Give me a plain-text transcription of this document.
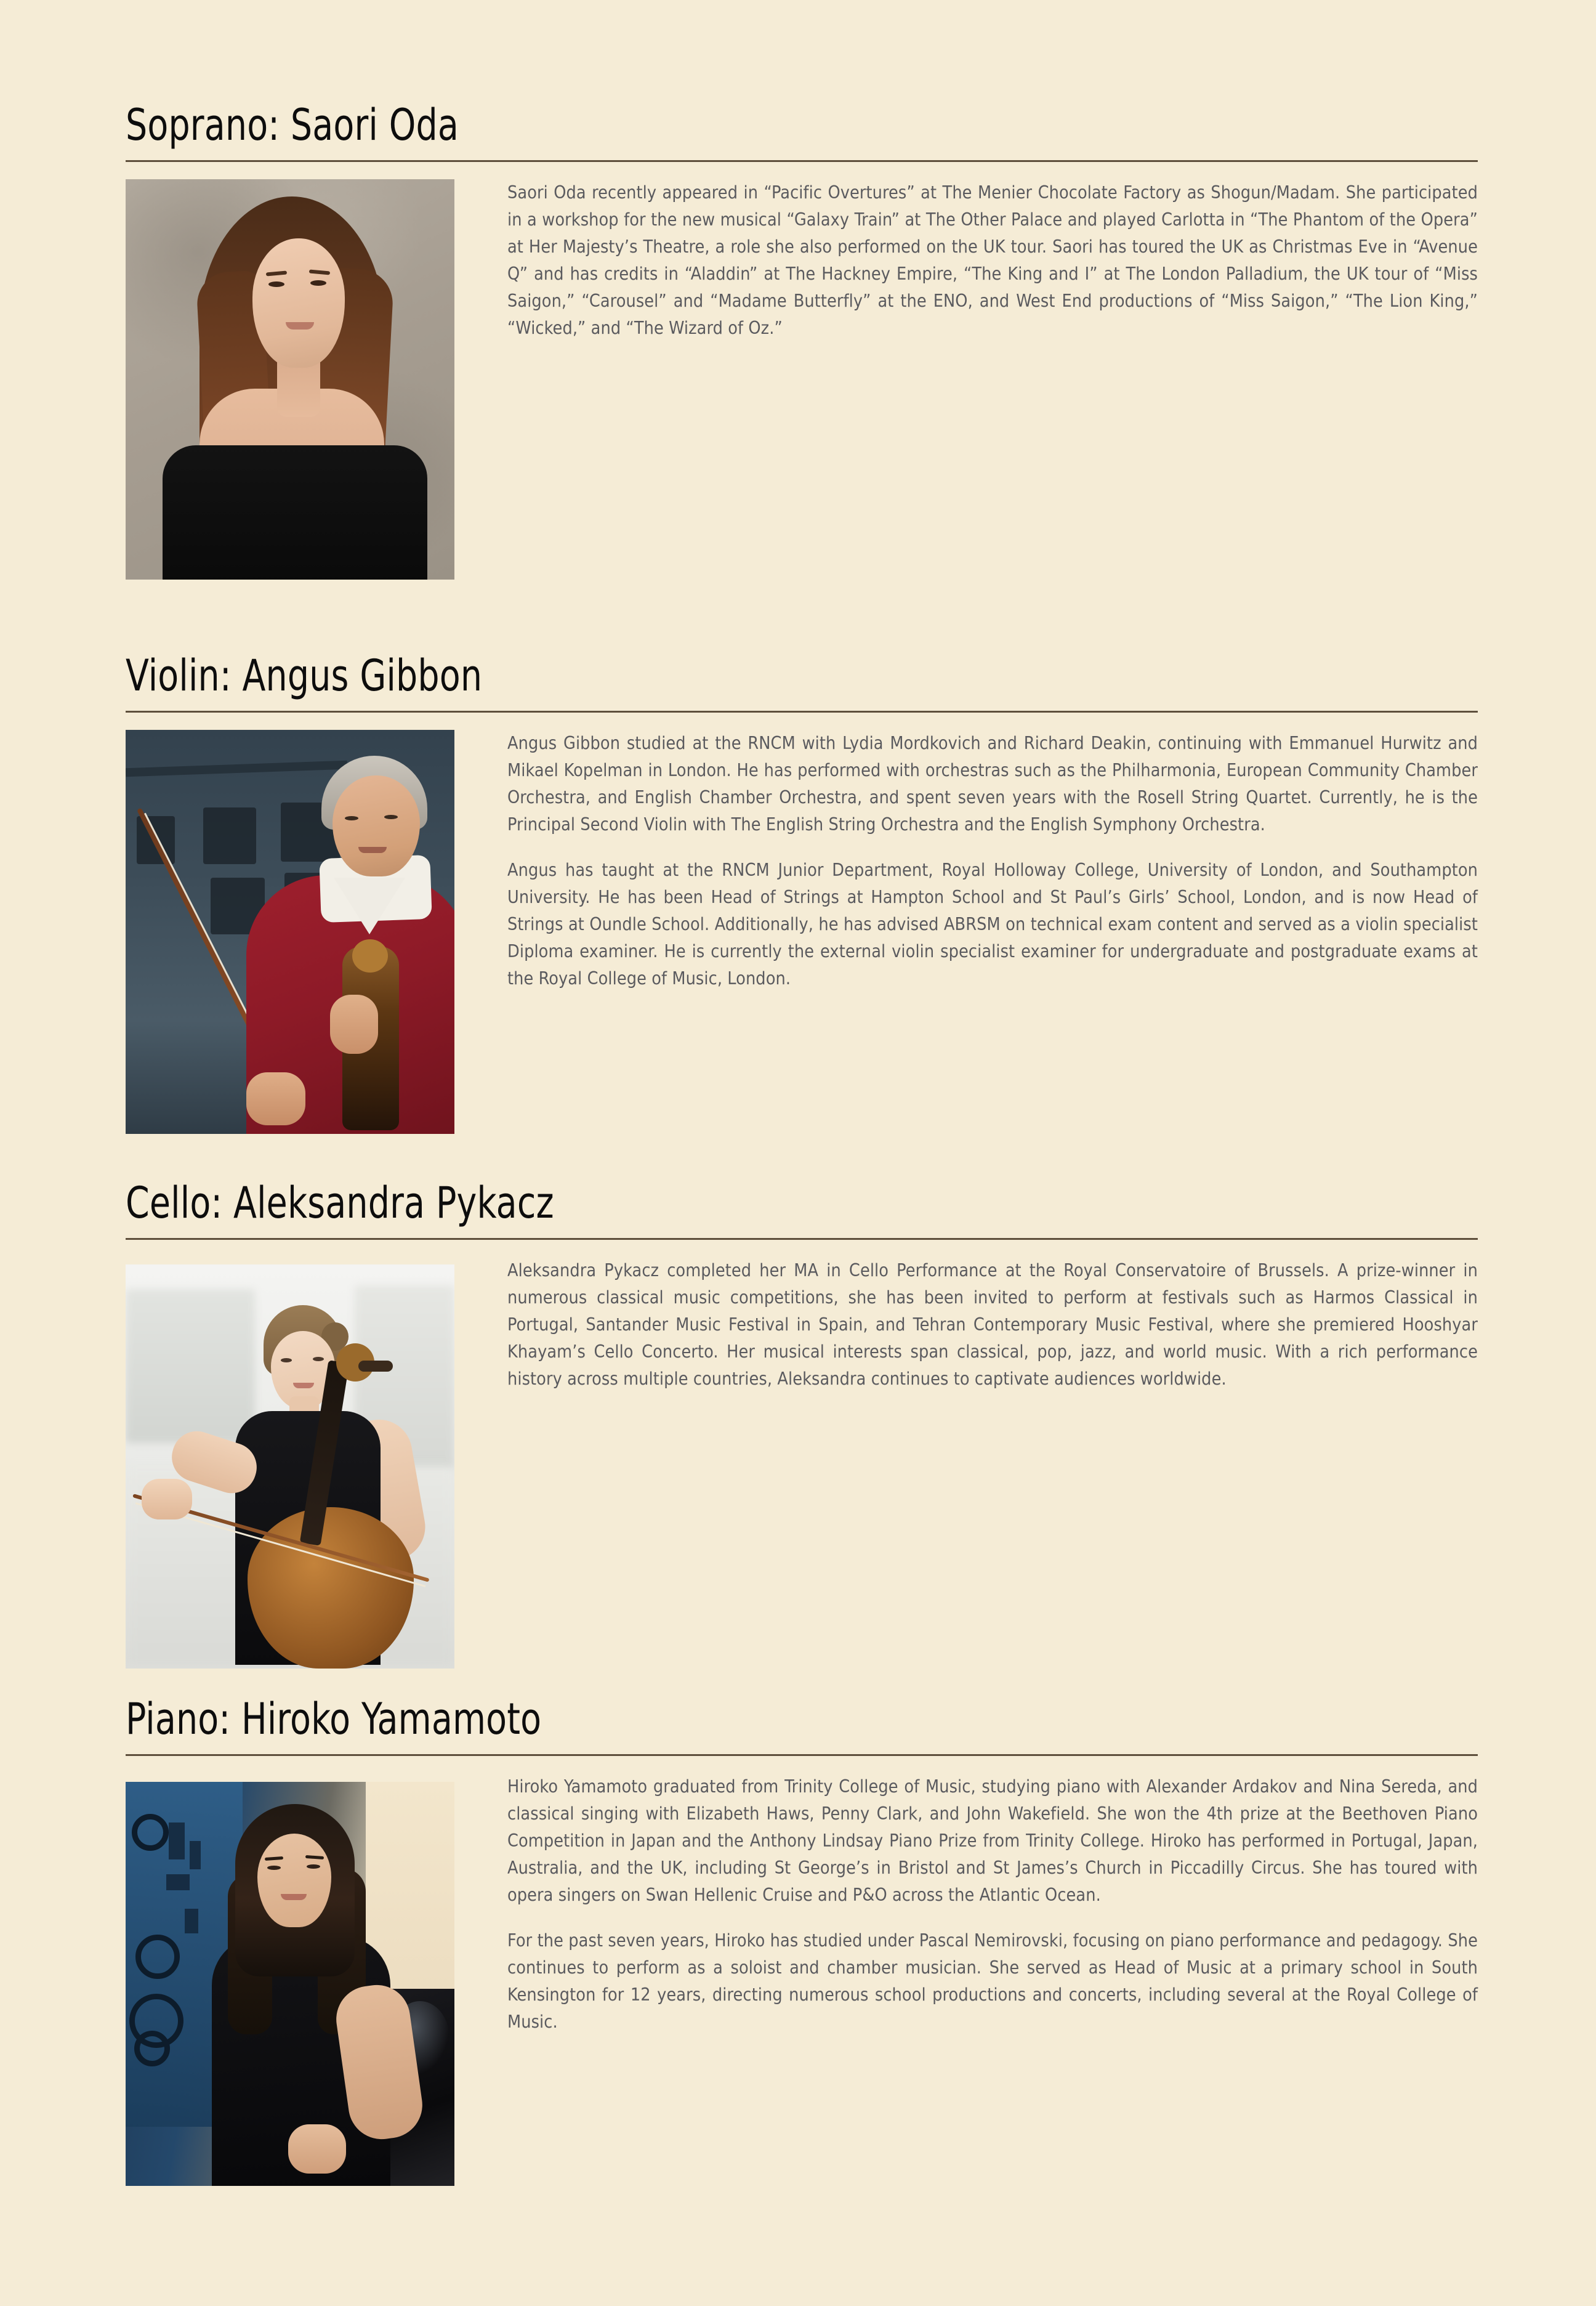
Soprano: Saori Oda

Saori Oda recently appeared in “Pacific Overtures” at The Menier Chocolate Factory as Shogun/Madam. She participated in a workshop for the new musical “Galaxy Train” at The Other Palace and played Carlotta in “The Phantom of the Opera” at Her Majesty’s Theatre, a role she also performed on the UK tour. Saori has toured the UK as Christmas Eve in “Avenue Q” and has credits in “Aladdin” at The Hackney Empire, “The King and I” at The London Palladium, the UK tour of “Miss Saigon,” “Carousel” and “Madame Butterfly” at the ENO, and West End productions of “Miss Saigon,” “The Lion King,” “Wicked,” and “The Wizard of Oz.”

Violin: Angus Gibbon

Angus Gibbon studied at the RNCM with Lydia Mordkovich and Richard Deakin, continuing with Emmanuel Hurwitz and Mikael Kopelman in London. He has performed with orchestras such as the Philharmonia, European Community Chamber Orchestra, and English Chamber Orchestra, and spent seven years with the Rosell String Quartet. Currently, he is the Principal Second Violin with The English String Orchestra and the English Symphony Orchestra.

Angus has taught at the RNCM Junior Department, Royal Holloway College, University of London, and Southampton University. He has been Head of Strings at Hampton School and St Paul’s Girls’ School, London, and is now Head of Strings at Oundle School. Additionally, he has advised ABRSM on technical exam content and served as a violin specialist Diploma examiner. He is currently the external violin specialist examiner for undergraduate and postgraduate exams at the Royal College of Music, London.

Cello: Aleksandra Pykacz

Aleksandra Pykacz completed her MA in Cello Performance at the Royal Conservatoire of Brussels. A prize-winner in numerous classical music competitions, she has been invited to perform at festivals such as Harmos Classical in Portugal, Santander Music Festival in Spain, and Tehran Contemporary Music Festival, where she premiered Hooshyar Khayam’s Cello Concerto. Her musical interests span classical, pop, jazz, and world music. With a rich performance history across multiple countries, Aleksandra continues to captivate audiences worldwide.

Piano: Hiroko Yamamoto

Hiroko Yamamoto graduated from Trinity College of Music, studying piano with Alexander Ardakov and Nina Sereda, and classical singing with Elizabeth Haws, Penny Clark, and John Wakefield. She won the 4th prize at the Beethoven Piano Competition in Japan and the Anthony Lindsay Piano Prize from Trinity College. Hiroko has performed in Portugal, Japan, Australia, and the UK, including St George’s in Bristol and St James’s Church in Piccadilly Circus. She has toured with opera singers on Swan Hellenic Cruise and P&O across the Atlantic Ocean.

For the past seven years, Hiroko has studied under Pascal Nemirovski, focusing on piano performance and pedagogy. She continues to perform as a soloist and chamber musician. She served as Head of Music at a primary school in South Kensington for 12 years, directing numerous school productions and concerts, including several at the Royal College of Music.
